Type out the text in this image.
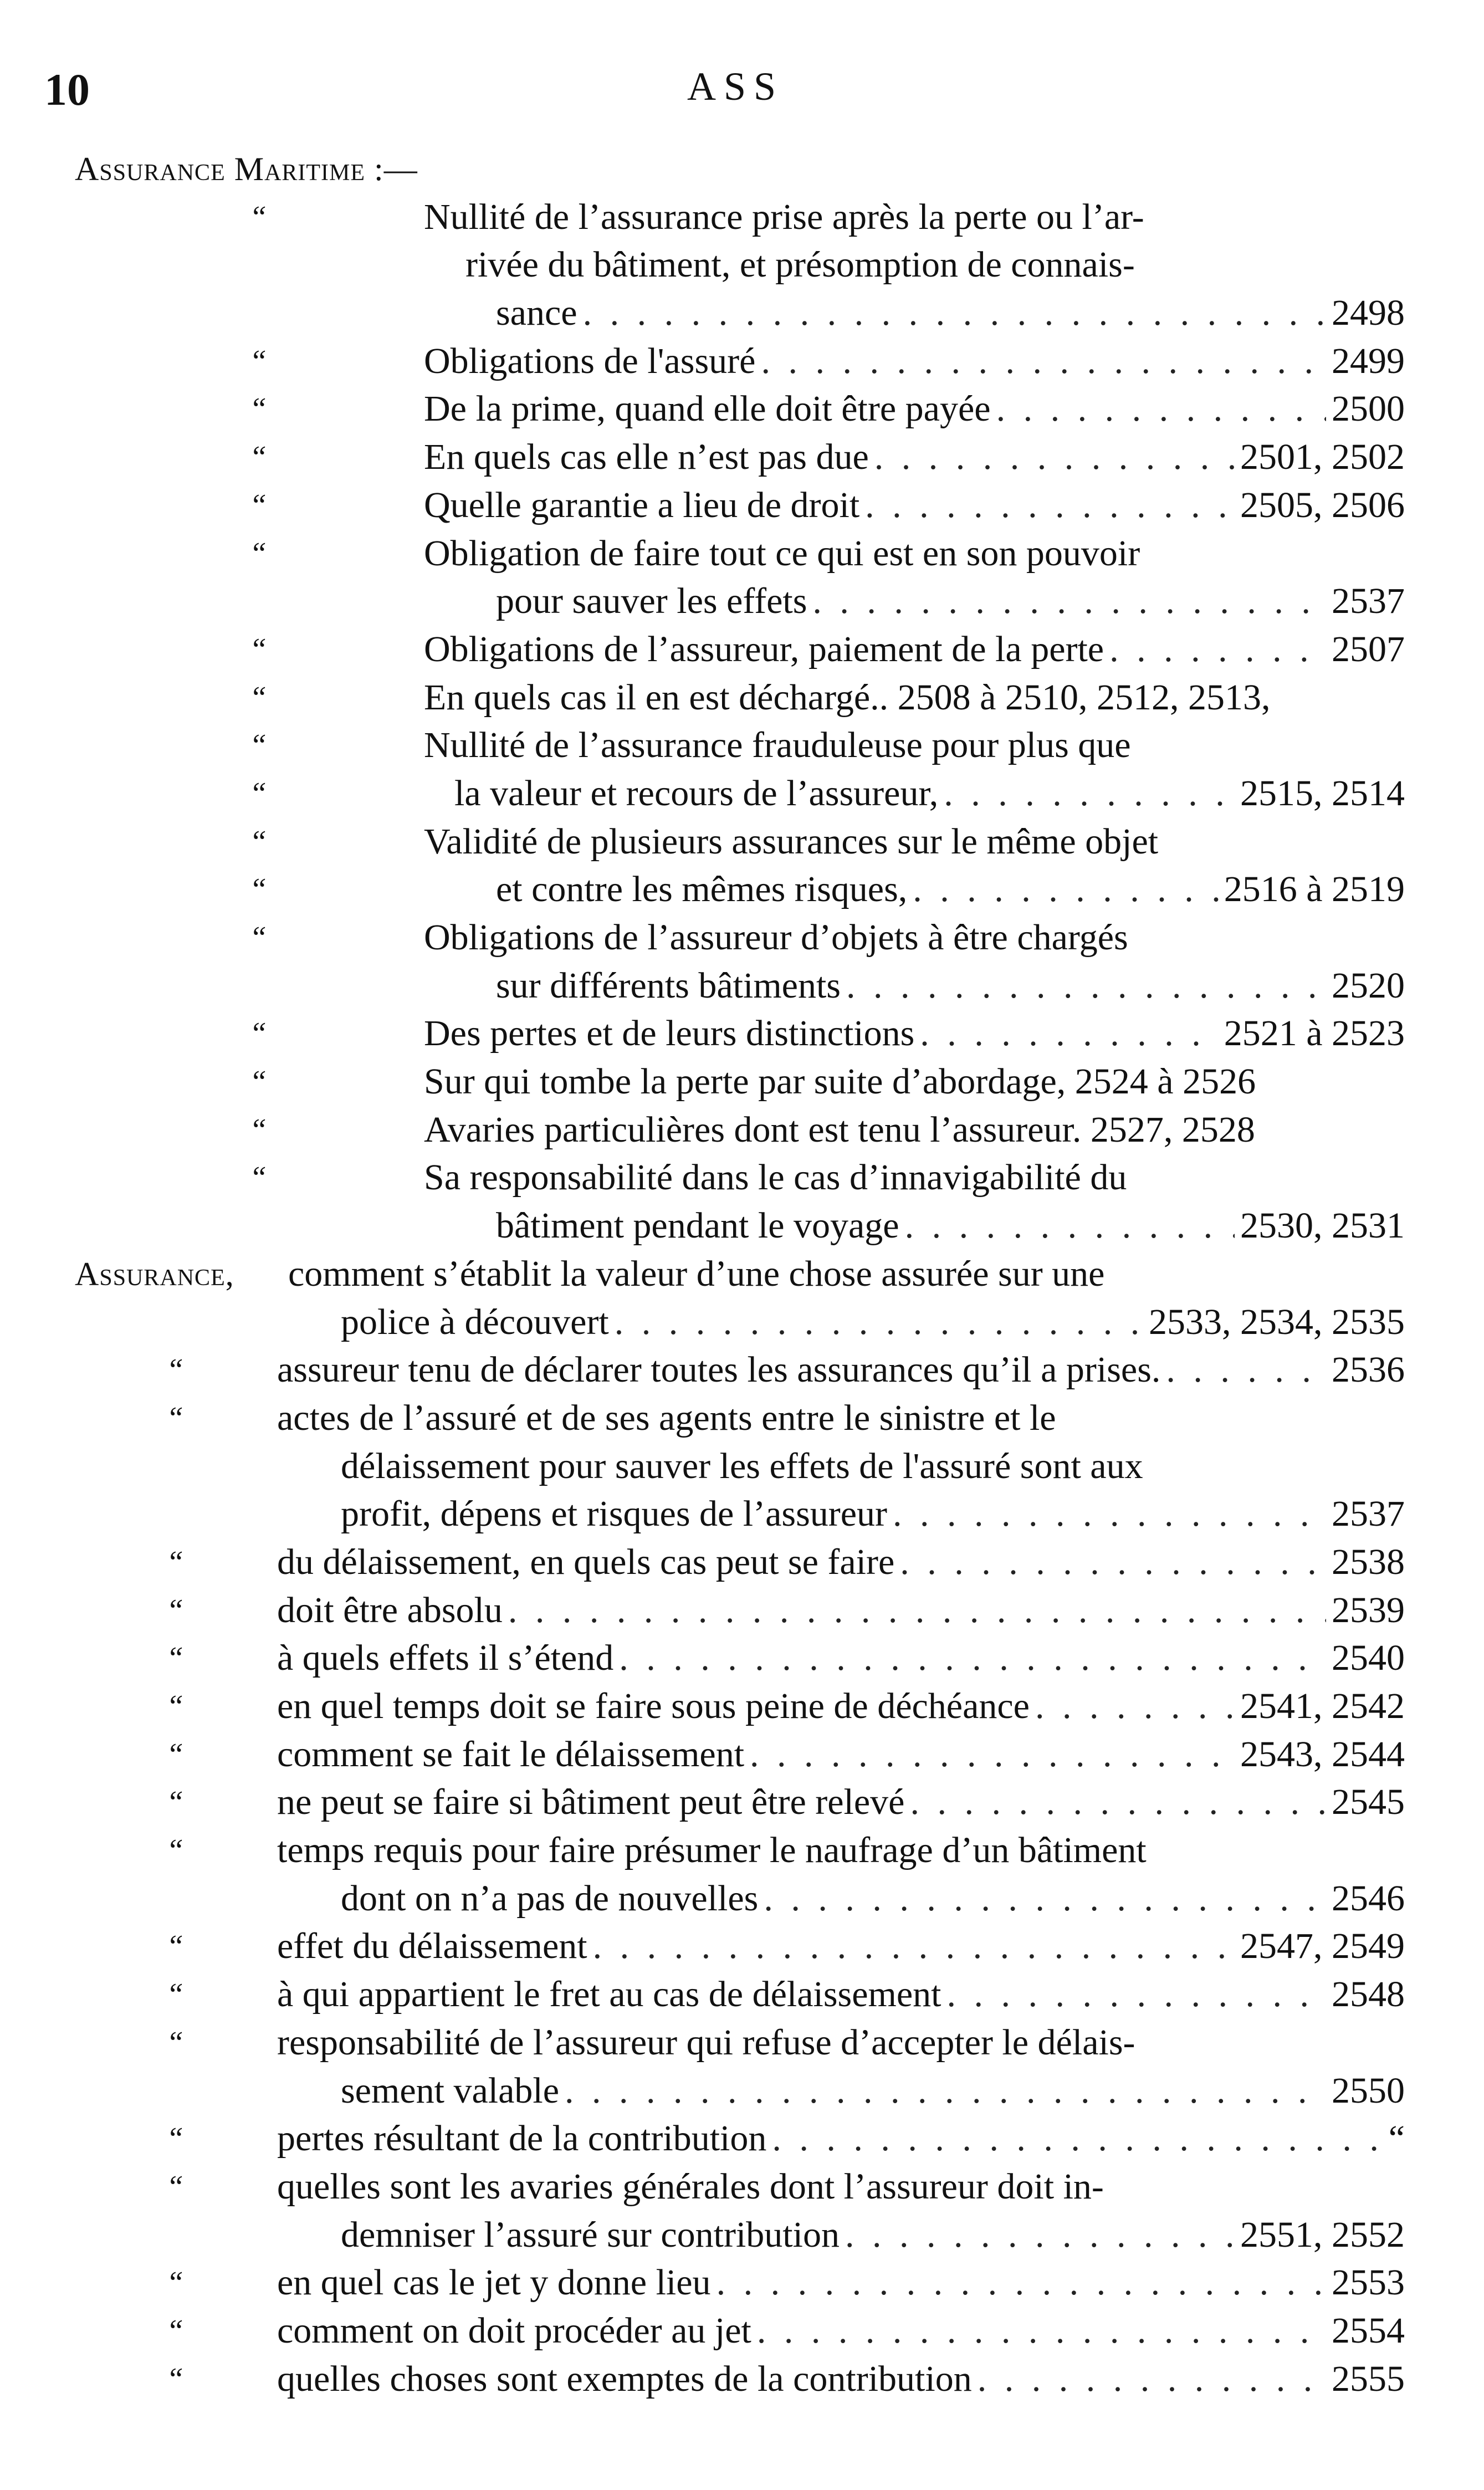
10	ASS
Assurance Maritime :—
“	Nullité de l’assurance prise après la perte ou l’ar-
rivée du bâtiment, et présomption de connais-
sance . . .	2498
“	Obligations de l'assuré . . .	2499
“	De la prime, quand elle doit être payée . . .	2500
“	En quels cas elle n’est pas due . . .	2501, 2502
“	Quelle garantie a lieu de droit . . .	2505, 2506
“	Obligation de faire tout ce qui est en son pouvoir
pour sauver les effets . . .	2537
“	Obligations de l’assureur, paiement de la perte . . .	2507
“	En quels cas il en est déchargé.. 2508 à 2510, 2512, 2513,
“	Nullité de l’assurance frauduleuse pour plus que
“	la valeur et recours de l’assureur, . . .	2515, 2514
“	Validité de plusieurs assurances sur le même objet
“	et contre les mêmes risques, . . .	2516 à 2519
“	Obligations de l’assureur d’objets à être chargés
sur différents bâtiments . . .	2520
“	Des pertes et de leurs distinctions . . .	2521 à 2523
“	Sur qui tombe la perte par suite d’abordage, 2524 à 2526
“	Avaries particulières dont est tenu l’assureur. 2527, 2528
“	Sa responsabilité dans le cas d’innavigabilité du
bâtiment pendant le voyage . . .	2530, 2531
Assurance, comment s’établit la valeur d’une chose assurée sur une
police à découvert . . .	2533, 2534, 2535
“	assureur tenu de déclarer toutes les assurances qu’il a prises. . . .	2536
“	actes de l’assuré et de ses agents entre le sinistre et le
délaissement pour sauver les effets de l'assuré sont aux
profit, dépens et risques de l’assureur . . .	2537
“	du délaissement, en quels cas peut se faire . . .	2538
“	doit être absolu . . .	2539
“	à quels effets il s’étend . . .	2540
“	en quel temps doit se faire sous peine de déchéance . . .	2541, 2542
“	comment se fait le délaissement . . .	2543, 2544
“	ne peut se faire si bâtiment peut être relevé . . .	2545
“	temps requis pour faire présumer le naufrage d’un bâtiment
dont on n’a pas de nouvelles . . .	2546
“	effet du délaissement . . .	2547, 2549
“	à qui appartient le fret au cas de délaissement . . .	2548
“	responsabilité de l’assureur qui refuse d’accepter le délais-
sement valable . . .	2550
“	pertes résultant de la contribution . . .	“
“	quelles sont les avaries générales dont l’assureur doit in-
demniser l’assuré sur contribution . . .	2551, 2552
“	en quel cas le jet y donne lieu . . .	2553
“	comment on doit procéder au jet . . .	2554
“	quelles choses sont exemptes de la contribution . . .	2555
